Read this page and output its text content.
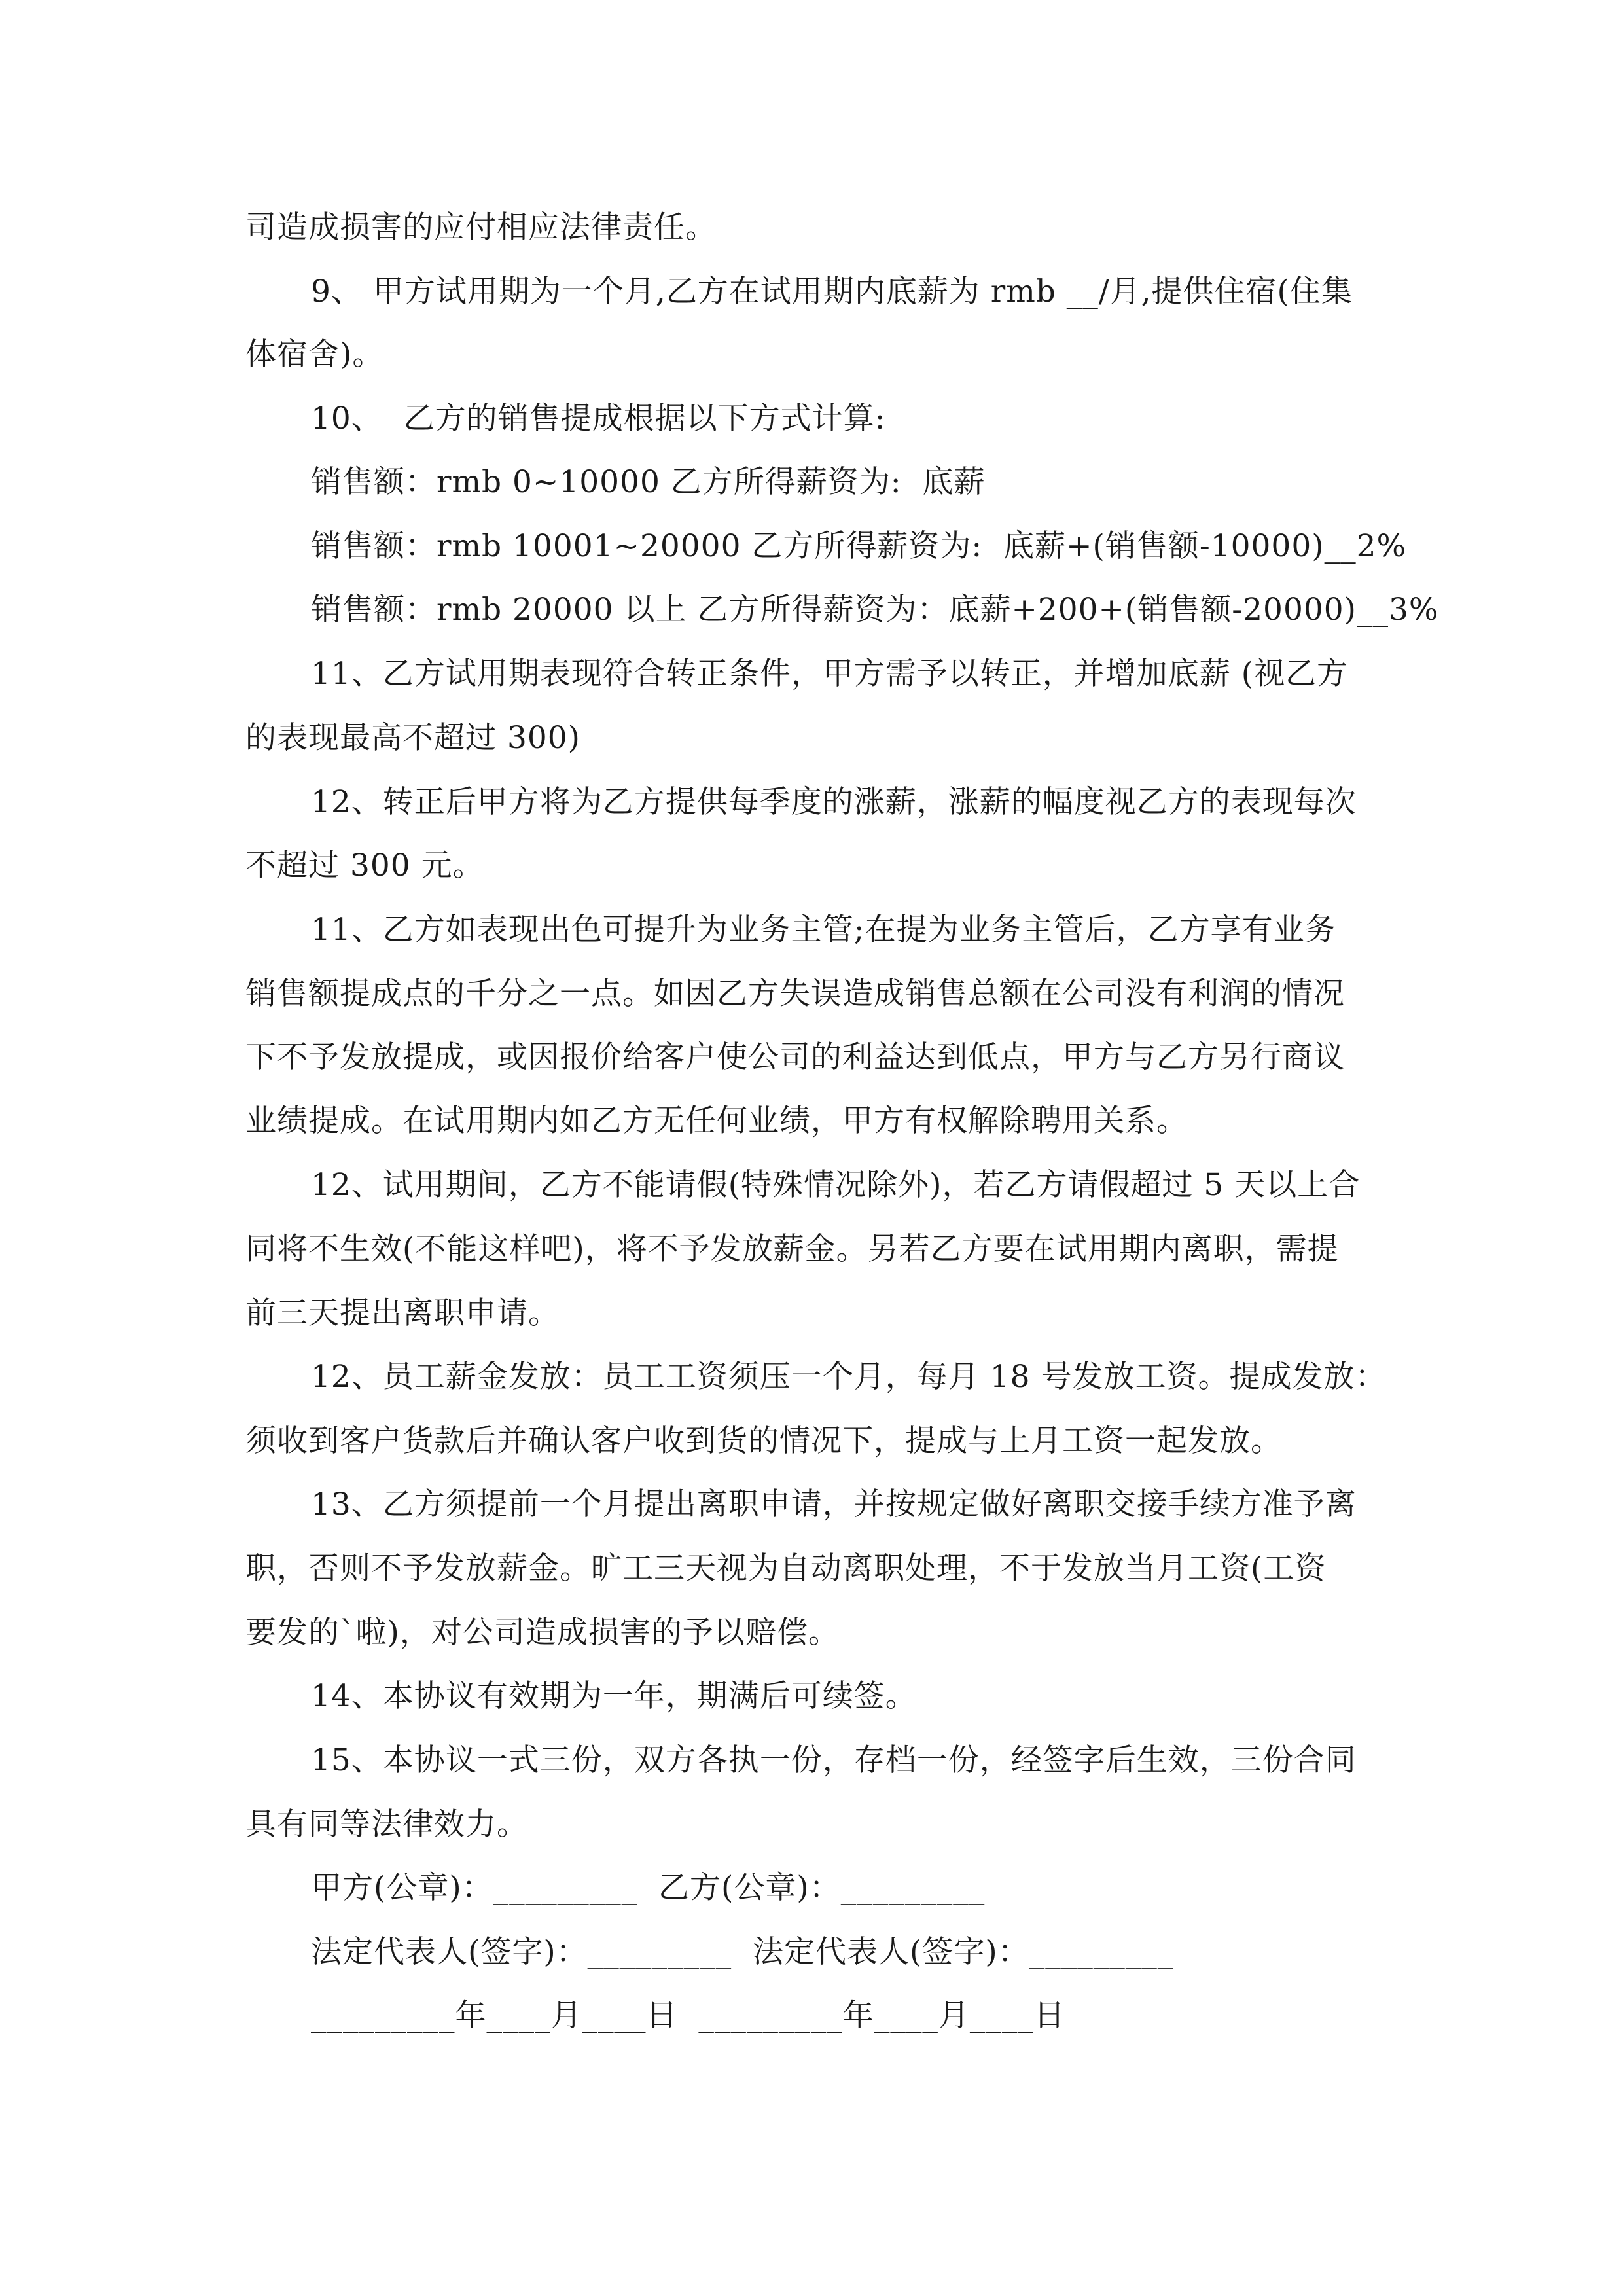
司造成损害的应付相应法律责任。
9、 甲方试用期为一个月,乙方在试用期内底薪为 rmb __/月,提供住宿(住集
体宿舍)。
10、  乙方的销售提成根据以下方式计算:
销售额：rmb 0~10000 乙方所得薪资为:  底薪
销售额：rmb 10001~20000 乙方所得薪资为:  底薪+(销售额-10000)__2%
销售额：rmb 20000 以上 乙方所得薪资为：底薪+200+(销售额-20000)__3%
11、乙方试用期表现符合转正条件，甲方需予以转正，并增加底薪 (视乙方
的表现最高不超过 300)
12、转正后甲方将为乙方提供每季度的涨薪，涨薪的幅度视乙方的表现每次
不超过 300 元。
11、乙方如表现出色可提升为业务主管;在提为业务主管后，乙方享有业务
销售额提成点的千分之一点。如因乙方失误造成销售总额在公司没有利润的情况
下不予发放提成，或因报价给客户使公司的利益达到低点，甲方与乙方另行商议
业绩提成。在试用期内如乙方无任何业绩，甲方有权解除聘用关系。
12、试用期间，乙方不能请假(特殊情况除外)，若乙方请假超过 5 天以上合
同将不生效(不能这样吧)，将不予发放薪金。另若乙方要在试用期内离职，需提
前三天提出离职申请。
12、员工薪金发放：员工工资须压一个月，每月 18 号发放工资。提成发放：
须收到客户货款后并确认客户收到货的情况下，提成与上月工资一起发放。
13、乙方须提前一个月提出离职申请，并按规定做好离职交接手续方准予离
职，否则不予发放薪金。旷工三天视为自动离职处理，不于发放当月工资(工资
要发的`啦)，对公司造成损害的予以赔偿。
14、本协议有效期为一年，期满后可续签。
15、本协议一式三份，双方各执一份，存档一份，经签字后生效，三份合同
具有同等法律效力。
甲方(公章)：_________  乙方(公章)：_________
法定代表人(签字)：_________  法定代表人(签字)：_________
_________年____月____日  _________年____月____日
